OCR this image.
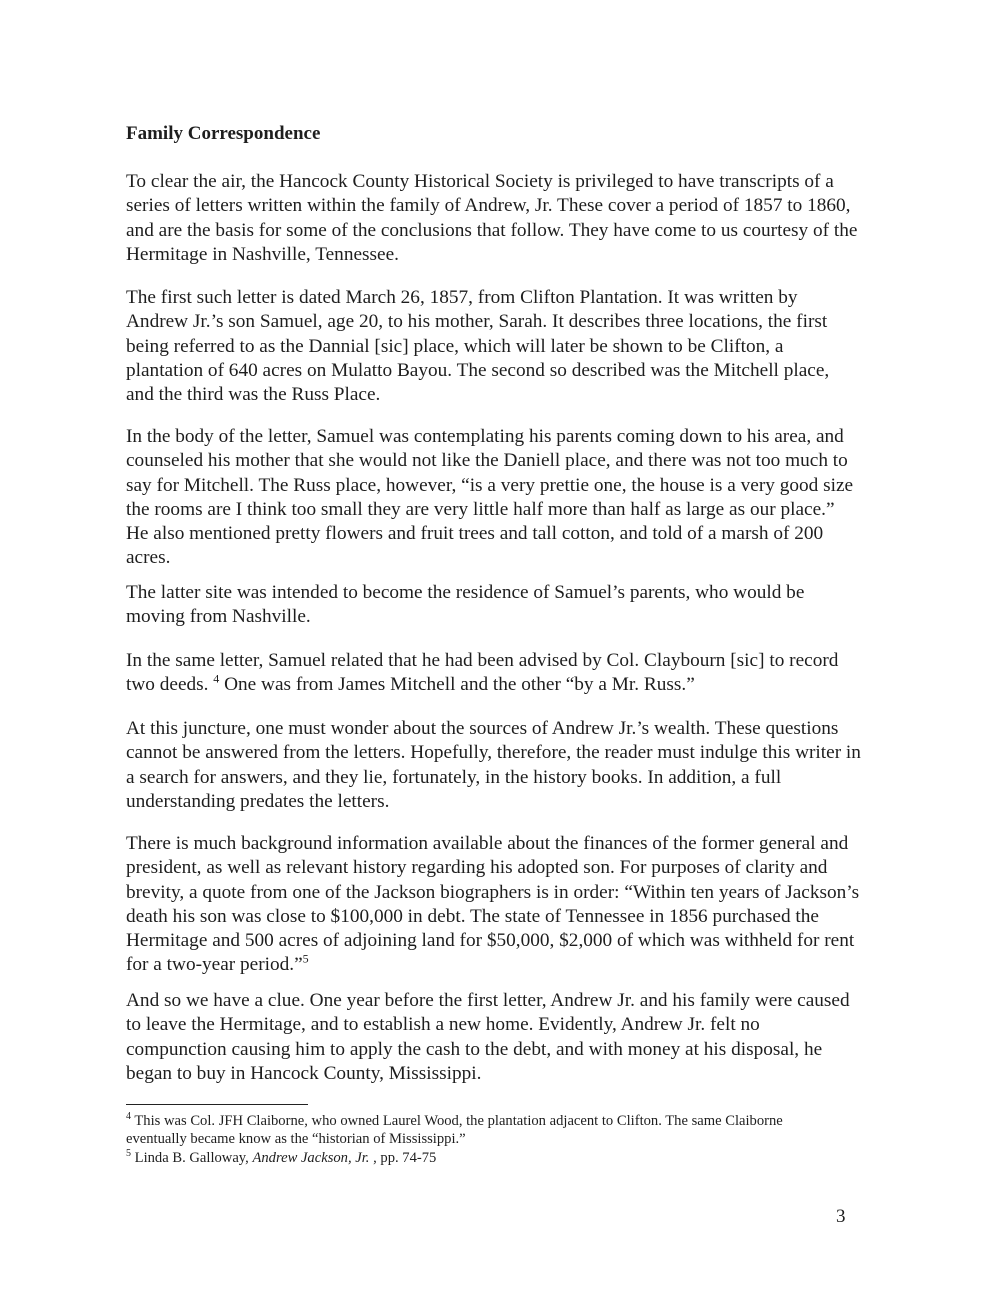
Family Correspondence

To clear the air, the Hancock County Historical Society is privileged to have transcripts of a series of letters written within the family of Andrew, Jr. These cover a period of 1857 to 1860, and are the basis for some of the conclusions that follow. They have come to us courtesy of the Hermitage in Nashville, Tennessee.

The first such letter is dated March 26, 1857, from Clifton Plantation. It was written by Andrew Jr.’s son Samuel, age 20, to his mother, Sarah. It describes three locations, the first being referred to as the Dannial [sic] place, which will later be shown to be Clifton, a plantation of 640 acres on Mulatto Bayou. The second so described was the Mitchell place, and the third was the Russ Place.

In the body of the letter, Samuel was contemplating his parents coming down to his area, and counseled his mother that she would not like the Daniell place, and there was not too much to say for Mitchell. The Russ place, however, “is a very prettie one, the house is a very good size the rooms are I think too small they are very little half more than half as large as our place.” He also mentioned pretty flowers and fruit trees and tall cotton, and told of a marsh of 200 acres.

The latter site was intended to become the residence of Samuel’s parents, who would be moving from Nashville.

In the same letter, Samuel related that he had been advised by Col. Claybourn [sic] to record two deeds. $^4$ One was from James Mitchell and the other “by a Mr. Russ.”

At this juncture, one must wonder about the sources of Andrew Jr.’s wealth. These questions cannot be answered from the letters. Hopefully, therefore, the reader must indulge this writer in a search for answers, and they lie, fortunately, in the history books. In addition, a full understanding predates the letters.

There is much background information available about the finances of the former general and president, as well as relevant history regarding his adopted son. For purposes of clarity and brevity, a quote from one of the Jackson biographers is in order: “Within ten years of Jackson’s death his son was close to $100,000 in debt. The state of Tennessee in 1856 purchased the Hermitage and 500 acres of adjoining land for $50,000, $2,000 of which was withheld for rent for a two-year period.”$^5$

And so we have a clue. One year before the first letter, Andrew Jr. and his family were caused to leave the Hermitage, and to establish a new home. Evidently, Andrew Jr. felt no compunction causing him to apply the cash to the debt, and with money at his disposal, he began to buy in Hancock County, Mississippi.

$^4$ This was Col. JFH Claiborne, who owned Laurel Wood, the plantation adjacent to Clifton. The same Claiborne eventually became know as the “historian of Mississippi.”

$^5$ Linda B. Galloway, Andrew Jackson, Jr. , pp. 74-75

3
